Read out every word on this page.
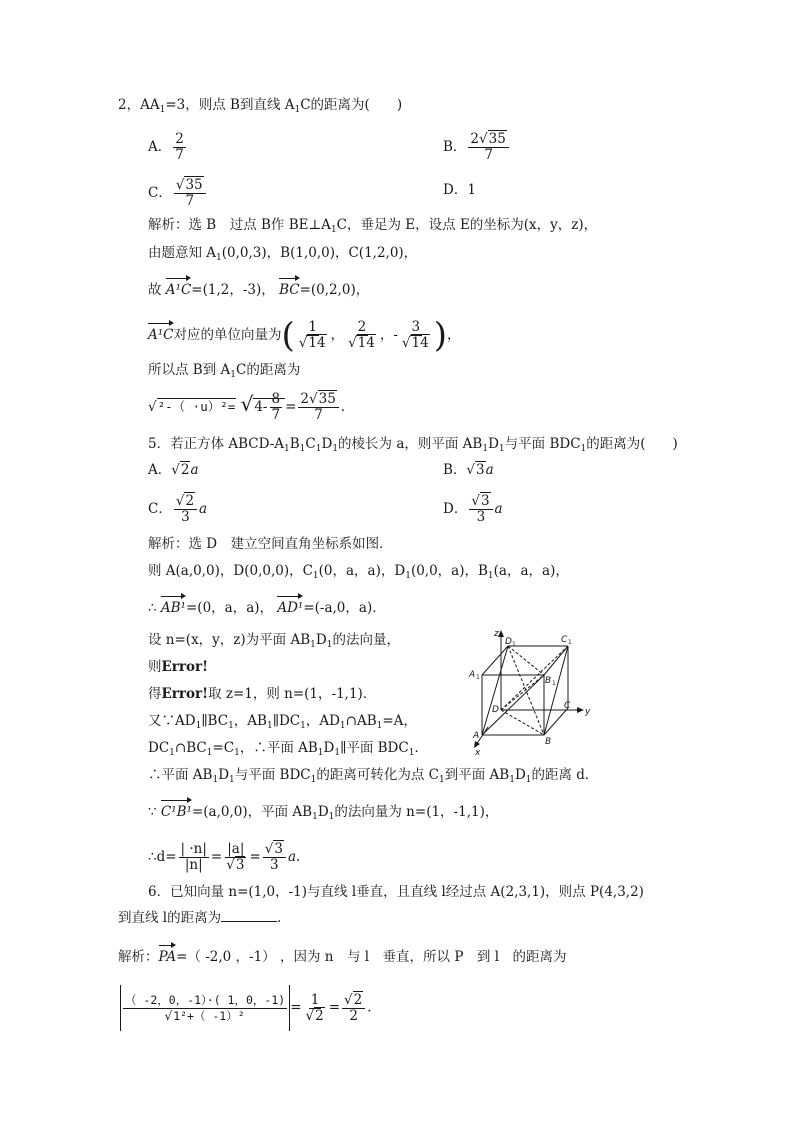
2，$AA_1=3$，则点 B到直线 $A_1C$的距离为(　　)
A． $\frac{2}{7}$	B． $\frac{2√35}{7}$
C． $\frac{√35}{7}$	D．1
解析：选 B　过点 B作 $BE\perp A_1C$，垂足为 E，设点 E的坐标为(x，y，z)，
由题意知 $A_1(0,0,3)$，B(1,0,0)，C(1,2,0)，
故 A¹C=(1,2，-3)， BC=(0,2,0)，
A¹C对应的单位向量为( $\frac{1}{√14}$ ， $\frac{2}{√14}$ ，- $\frac{3}{√14}$ )，
所以点 B到 $A_1C$的距离为
$√^2-( \cdot u)^2= √4- \frac{8}{7} = \frac{2√35}{7}$ .
5．若正方体 ABCD-$A_1B_1C_1D_1$的棱长为 a，则平面 $AB_1D_1$与平面 $BDC_1$的距离为(　　)
A．√2a	B．√3a
C． $\frac{√2}{3}$ a	D． $\frac{√3}{3}$ a
解析：选 D　建立空间直角坐标系如图．
则 A(a,0,0)，D(0,0,0)，$C_1(0$，a，a)，$D_1(0,0$，a)，$B_1(a$，a，a)，
∴ AB¹=(0，a，a)， AD¹=(-a,0，a)．
设 n=(x，y，z)为平面 $AB_1D_1$的法向量，
则Error!
得Error!取 z=1，则 n=(1，-1,1)．
又$\because AD_1\parallel BC_1$，$AB_1\parallel DC_1$，$AD_1\cap AB_1=A$，
$DC_1\cap BC_1=C_1$，∴平面 $AB_1D_1\parallel$平面 $BDC_1$．
∴平面 $AB_1D_1$与平面 $BDC_1$的距离可转化为点 $C_1$到平面 $AB_1D_1$的距离 d．
∵ C¹B¹=(a,0,0)，平面 $AB_1D_1$的法向量为 n=(1，-1,1)，
∴d= $\frac{| \cdot n|}{|n|} = \frac{|a|}{√3} = \frac{√3}{3} a$.
z
y
x
D 1	C 1
A 1	B 1
D	C
A
B
6．已知向量 n=(1,0，-1)与直线 l垂直，且直线 l经过点 A(2,3,1)，则点 P(4,3,2)
到直线 l的距离为	．
解析：PA=（ -2,0 ，-1） ，因为 n　与 l　垂直，所以 P　到 l　的距离为
$\frac{( -2,0,-1)\cdot( 1,0,-1)}{\text{√1²+（ -1）²}} = \frac{1}{√2} = \frac{√2}{2}$ .
